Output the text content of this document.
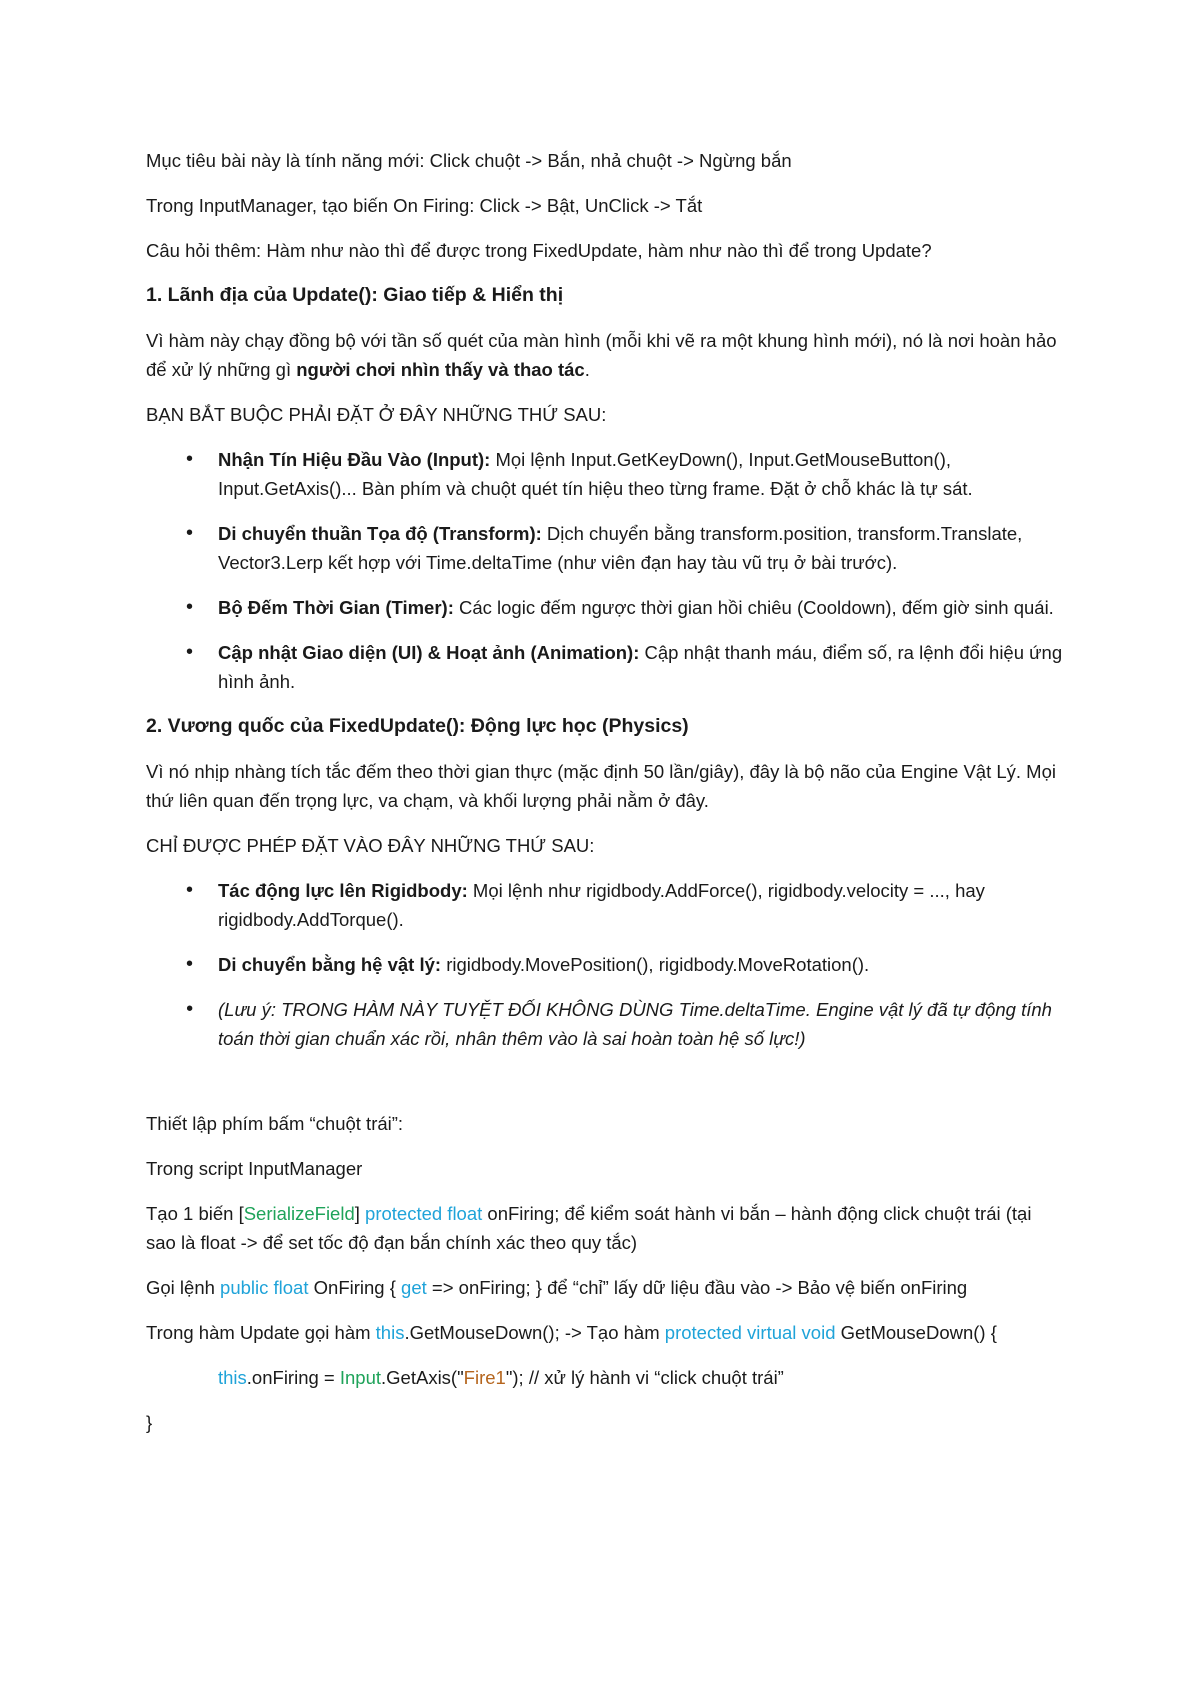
Mục tiêu bài này là tính năng mới: Click chuột -> Bắn, nhả chuột -> Ngừng bắn

Trong InputManager, tạo biến On Firing: Click -> Bật, UnClick -> Tắt

Câu hỏi thêm: Hàm như nào thì để được trong FixedUpdate, hàm như nào thì để trong Update?

1. Lãnh địa của Update(): Giao tiếp & Hiển thị

Vì hàm này chạy đồng bộ với tần số quét của màn hình (mỗi khi vẽ ra một khung hình mới), nó là nơi hoàn hảo để xử lý những gì người chơi nhìn thấy và thao tác.

BẠN BẮT BUỘC PHẢI ĐẶT Ở ĐÂY NHỮNG THỨ SAU:

• Nhận Tín Hiệu Đầu Vào (Input): Mọi lệnh Input.GetKeyDown(), Input.GetMouseButton(), Input.GetAxis()... Bàn phím và chuột quét tín hiệu theo từng frame. Đặt ở chỗ khác là tự sát.
• Di chuyển thuần Tọa độ (Transform): Dịch chuyển bằng transform.position, transform.Translate, Vector3.Lerp kết hợp với Time.deltaTime (như viên đạn hay tàu vũ trụ ở bài trước).
• Bộ Đếm Thời Gian (Timer): Các logic đếm ngược thời gian hồi chiêu (Cooldown), đếm giờ sinh quái.
• Cập nhật Giao diện (UI) & Hoạt ảnh (Animation): Cập nhật thanh máu, điểm số, ra lệnh đổi hiệu ứng hình ảnh.

2. Vương quốc của FixedUpdate(): Động lực học (Physics)

Vì nó nhịp nhàng tích tắc đếm theo thời gian thực (mặc định 50 lần/giây), đây là bộ não của Engine Vật Lý. Mọi thứ liên quan đến trọng lực, va chạm, và khối lượng phải nằm ở đây.

CHỈ ĐƯỢC PHÉP ĐẶT VÀO ĐÂY NHỮNG THỨ SAU:

• Tác động lực lên Rigidbody: Mọi lệnh như rigidbody.AddForce(), rigidbody.velocity = ..., hay rigidbody.AddTorque().
• Di chuyển bằng hệ vật lý: rigidbody.MovePosition(), rigidbody.MoveRotation().
• (Lưu ý: TRONG HÀM NÀY TUYỆT ĐỐI KHÔNG DÙNG Time.deltaTime. Engine vật lý đã tự động tính toán thời gian chuẩn xác rồi, nhân thêm vào là sai hoàn toàn hệ số lực!)

Thiết lập phím bấm “chuột trái”:

Trong script InputManager

Tạo 1 biến [SerializeField] protected float onFiring; để kiểm soát hành vi bắn – hành động click chuột trái (tại sao là float -> để set tốc độ đạn bắn chính xác theo quy tắc)

Gọi lệnh public float OnFiring { get => onFiring; } để “chỉ” lấy dữ liệu đầu vào -> Bảo vệ biến onFiring

Trong hàm Update gọi hàm this.GetMouseDown(); -> Tạo hàm protected virtual void GetMouseDown() {

this.onFiring = Input.GetAxis("Fire1"); // xử lý hành vi “click chuột trái”

}
